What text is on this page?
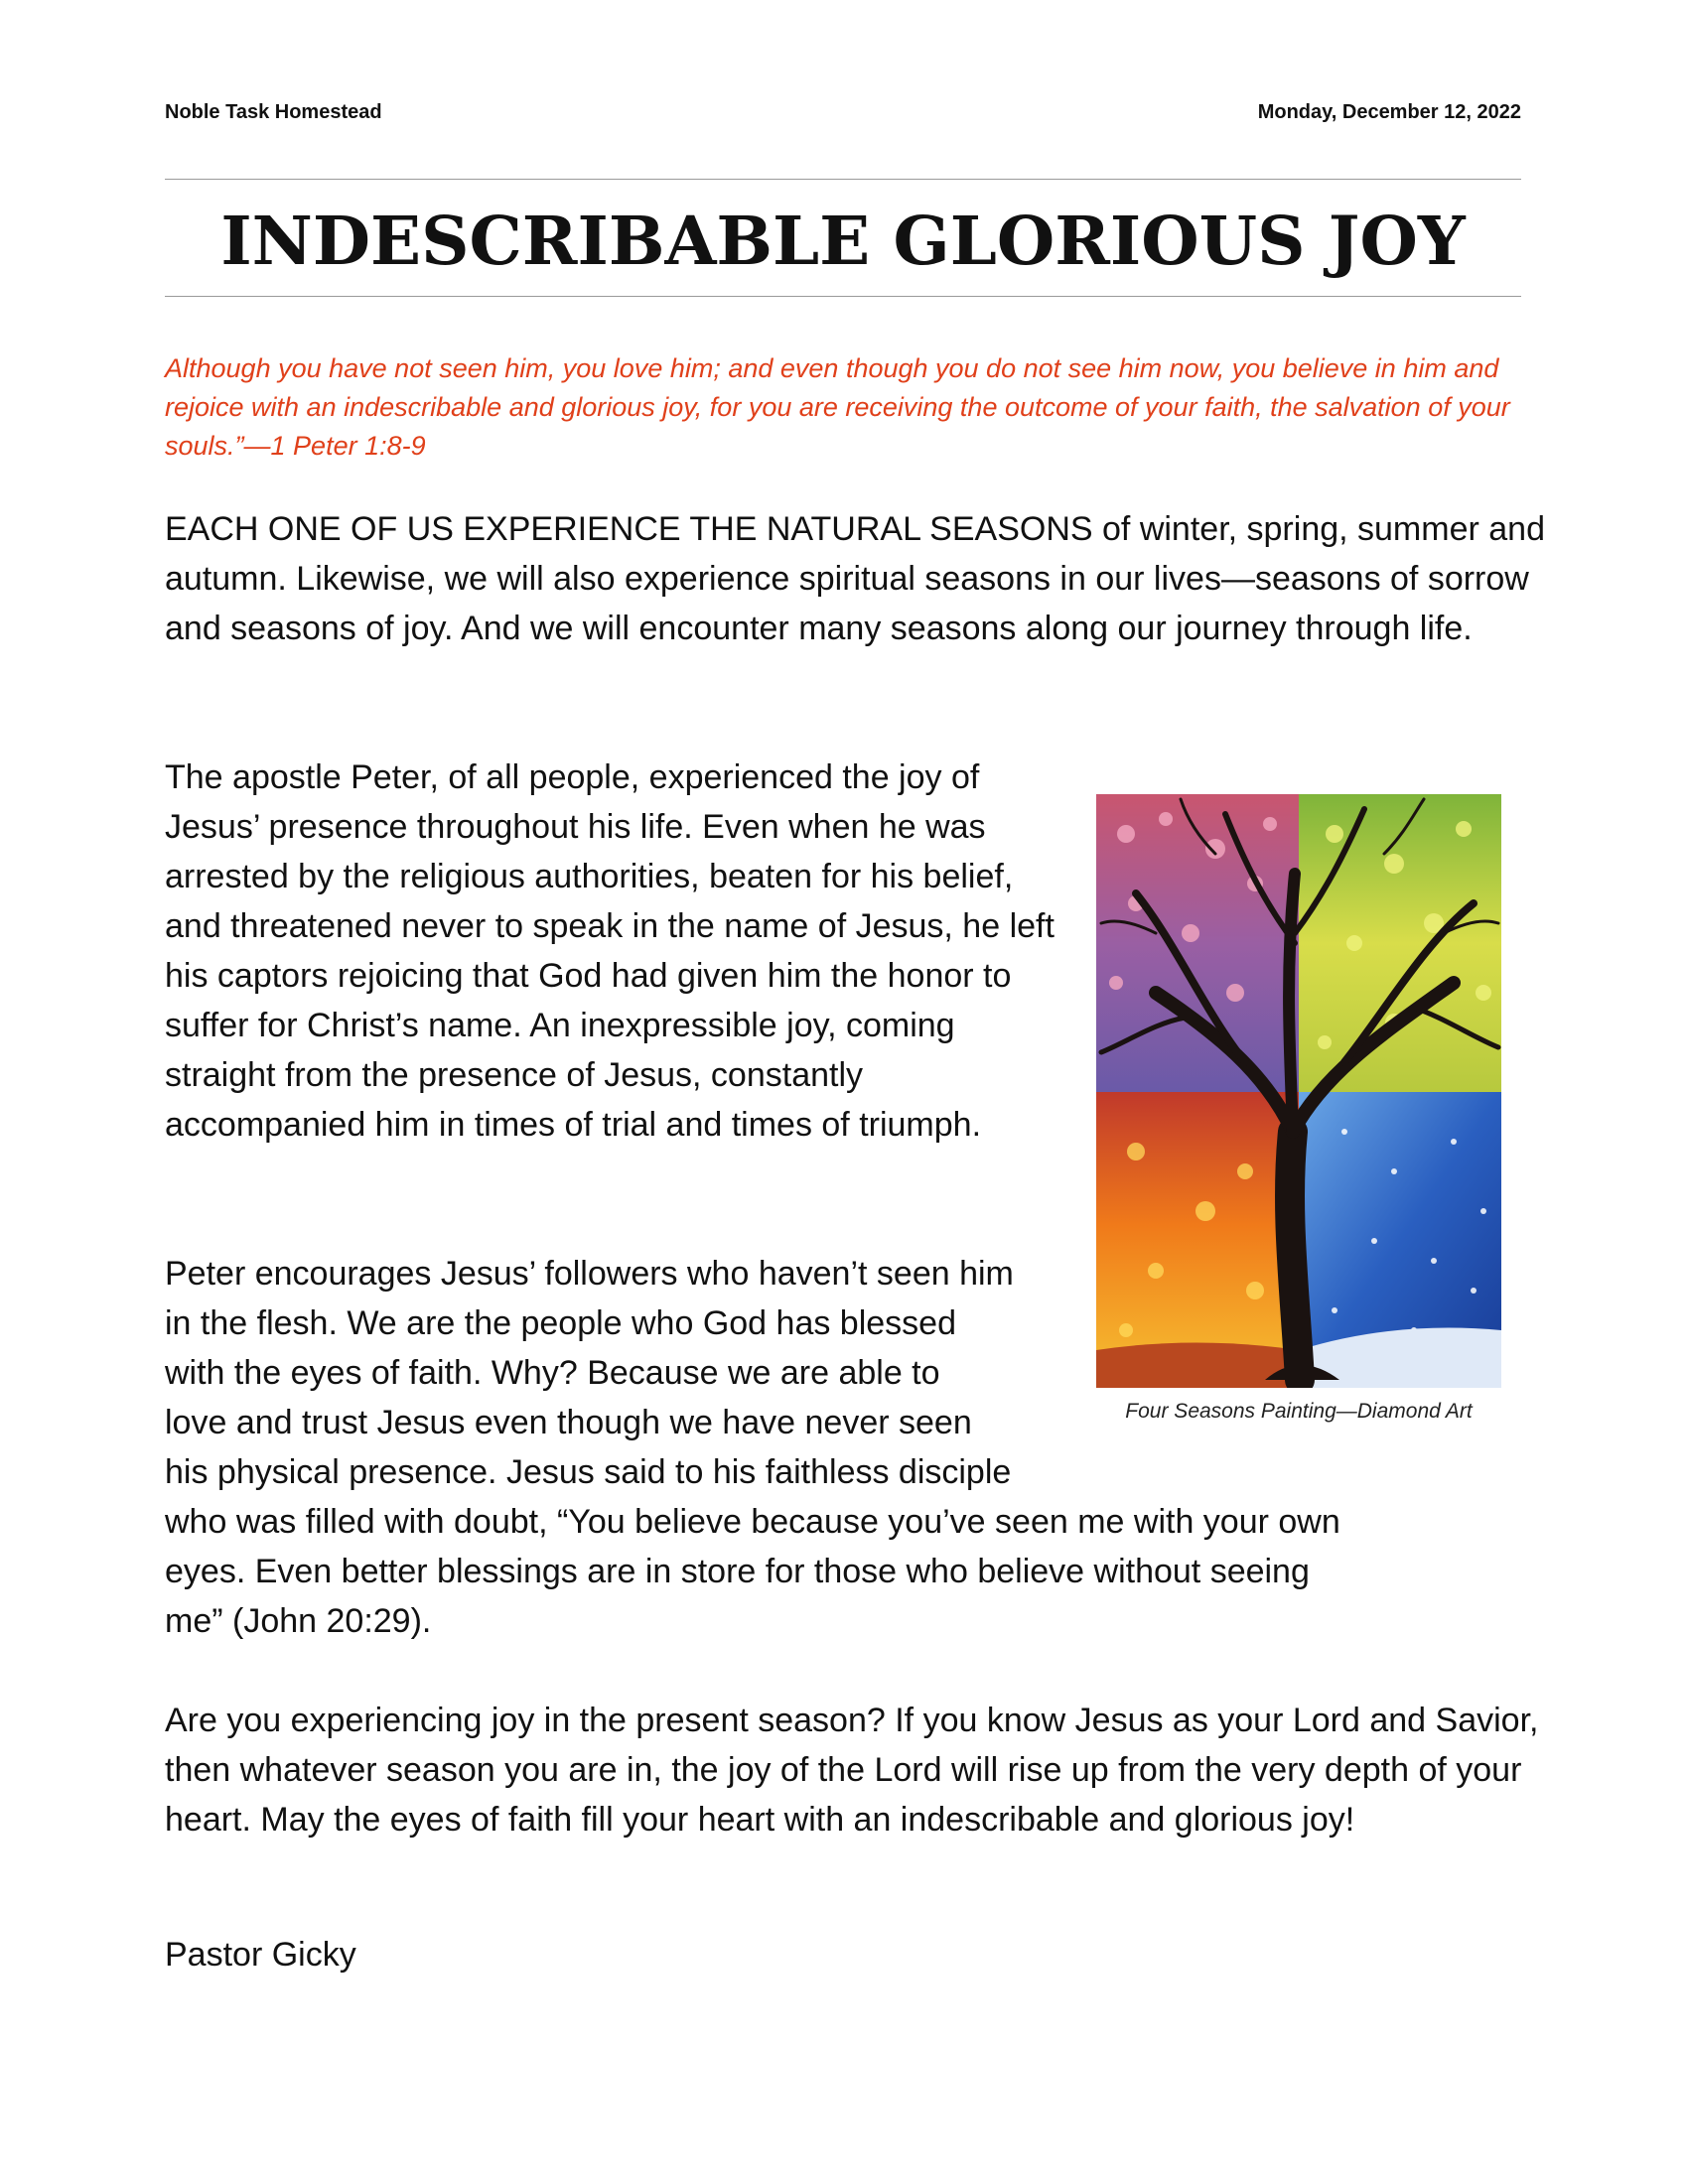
Noble Task Homestead	Monday, December 12, 2022
INDESCRIBABLE GLORIOUS JOY
Although you have not seen him, you love him; and even though you do not see him now, you believe in him and rejoice with an indescribable and glorious joy, for you are receiving the outcome of your faith, the salvation of your souls.”—1 Peter 1:8-9
EACH ONE OF US EXPERIENCE THE NATURAL SEASONS of winter, spring, summer and autumn. Likewise, we will also experience spiritual seasons in our lives—seasons of sorrow and seasons of joy. And we will encounter many seasons along our journey through life.
The apostle Peter, of all people, experienced the joy of Jesus’ presence throughout his life. Even when he was arrested by the religious authorities, beaten for his belief, and threatened never to speak in the name of Jesus, he left his captors rejoicing that God had given him the honor to suffer for Christ’s name. An inexpressible joy, coming straight from the presence of Jesus, constantly accompanied him in times of trial and times of triumph.
Four Seasons Painting—Diamond Art
Peter encourages Jesus’ followers who haven’t seen him
in the flesh. We are the people who God has blessed
with the eyes of faith. Why? Because we are able to
love and trust Jesus even though we have never seen
his physical presence. Jesus said to his faithless disciple
who was filled with doubt, “You believe because you’ve seen me with your own
eyes. Even better blessings are in store for those who believe without seeing
me” (John 20:29).
Are you experiencing joy in the present season? If you know Jesus as your Lord and Savior, then whatever season you are in, the joy of the Lord will rise up from the very depth of your heart. May the eyes of faith fill your heart with an indescribable and glorious joy!
Pastor Gicky
